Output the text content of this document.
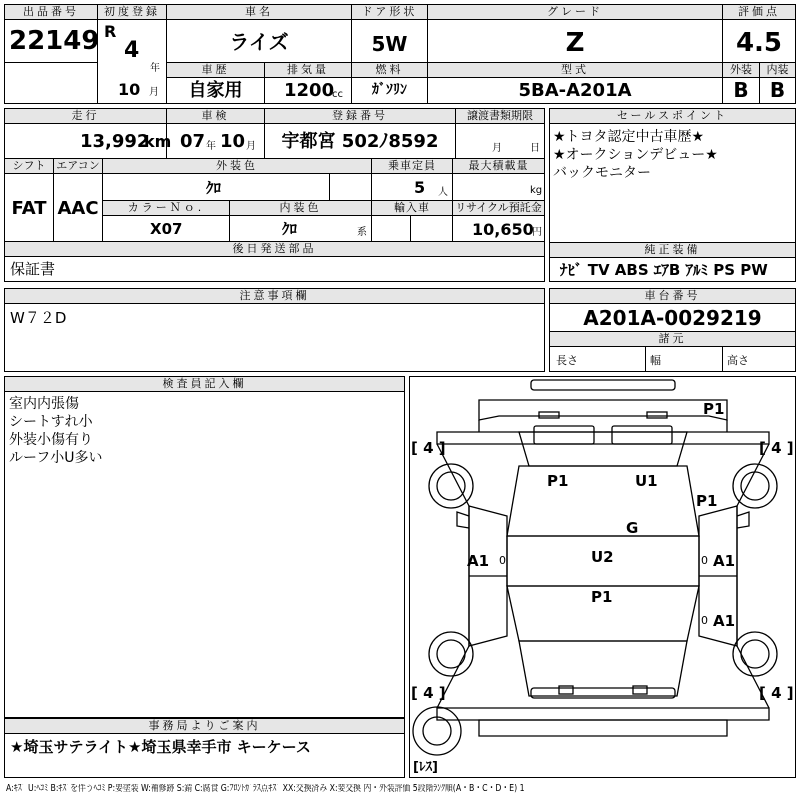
出品番号
22149
初度登録
R
4
年
10 月
車名
ライズ
車歴
自家用
排気量
1200
cc
ドア形状
5W
燃料
ｶﾞｿﾘﾝ
グレード
Z
型式
5BA-A201A
評価点
4.5
外装
B
内装
B
走行
13,992
km
車検
07 年 10 月
登録番号
宇都宮 502ﾉ8592
譲渡書類期限
月	日
シフト
FAT
エアコン
AAC
外装色
ｸﾛ
乗車定員
5 人
最大積載量
kg
カラーＮｏ.
X07
内装色
ｸﾛ	系
輸入車	リサイクル預託金
10,650
円
後日発送部品
保証書
セールスポイント
★トヨタ認定中古車歴★
★オークションデビュー★
バックモニター
純正装備
ﾅﾋﾞ TV ABS ｴｱB ｱﾙﾐ PS PW
注意事項欄
W７２D
車台番号
A201A-0029219
諸元
長さ	幅	高さ
検査員記入欄
室内内張傷
シートすれ小
外装小傷有り
ルーフ小U多い
事務局よりご案内
★埼玉サテライト★埼玉県幸手市 キーケース
[ 4 ]	[ 4 ]
[ 4 ]	[ 4 ]
[ﾚｽ]
P1
P1	U1
P1
G
U2
P1
A1	A1
A1
0	0
0
A:ｷｽﾞ U:ﾍｺﾐ B:ｷｽﾞを伴うﾍｺﾐ P:要塗装 W:補修跡 S:錆 C:腐食 G:ﾌﾛﾝﾄｶﾞﾗｽ点ｷｽﾞ XX:交換済み X:要交換 内・外装評価 5段階ﾗﾝｸ順(A・B・C・D・E) 1
